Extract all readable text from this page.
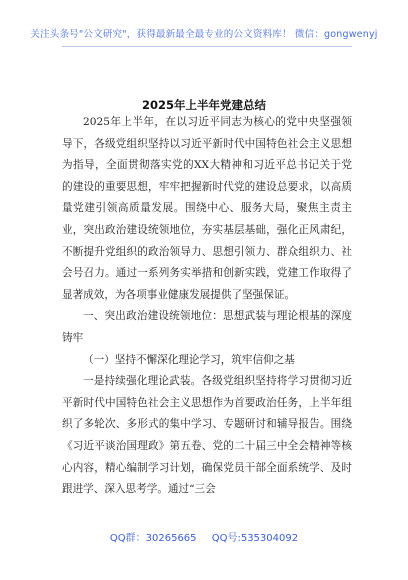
关注头条号"公文研究"，获得最新最全最专业的公文资料库！ 微信：gongwenyj
2025年上半年党建总结

2025年上半年，在以习近平同志为核心的党中央坚强领导下，各级党组织坚持以习近平新时代中国特色社会主义思想为指导，全面贯彻落实党的XX大精神和习近平总书记关于党的建设的重要思想，牢牢把握新时代党的建设总要求，以高质量党建引领高质量发展。围绕中心、服务大局，聚焦主责主业，突出政治建设统领地位，夯实基层基础，强化正风肃纪，不断提升党组织的政治领导力、思想引领力、群众组织力、社会号召力。通过一系列务实举措和创新实践，党建工作取得了显著成效，为各项事业健康发展提供了坚强保证。

一、突出政治建设统领地位：思想武装与理论根基的深度铸牢

（一）坚持不懈深化理论学习，筑牢信仰之基

一是持续强化理论武装。各级党组织坚持将学习贯彻习近平新时代中国特色社会主义思想作为首要政治任务，上半年组织了多轮次、多形式的集中学习、专题研讨和辅导报告。围绕《习近平谈治国理政》第五卷、党的二十届三中全会精神等核心内容，精心编制学习计划，确保党员干部全面系统学、及时跟进学、深入思考学。通过“三会

QQ群：30265665 QQ号:535304092
